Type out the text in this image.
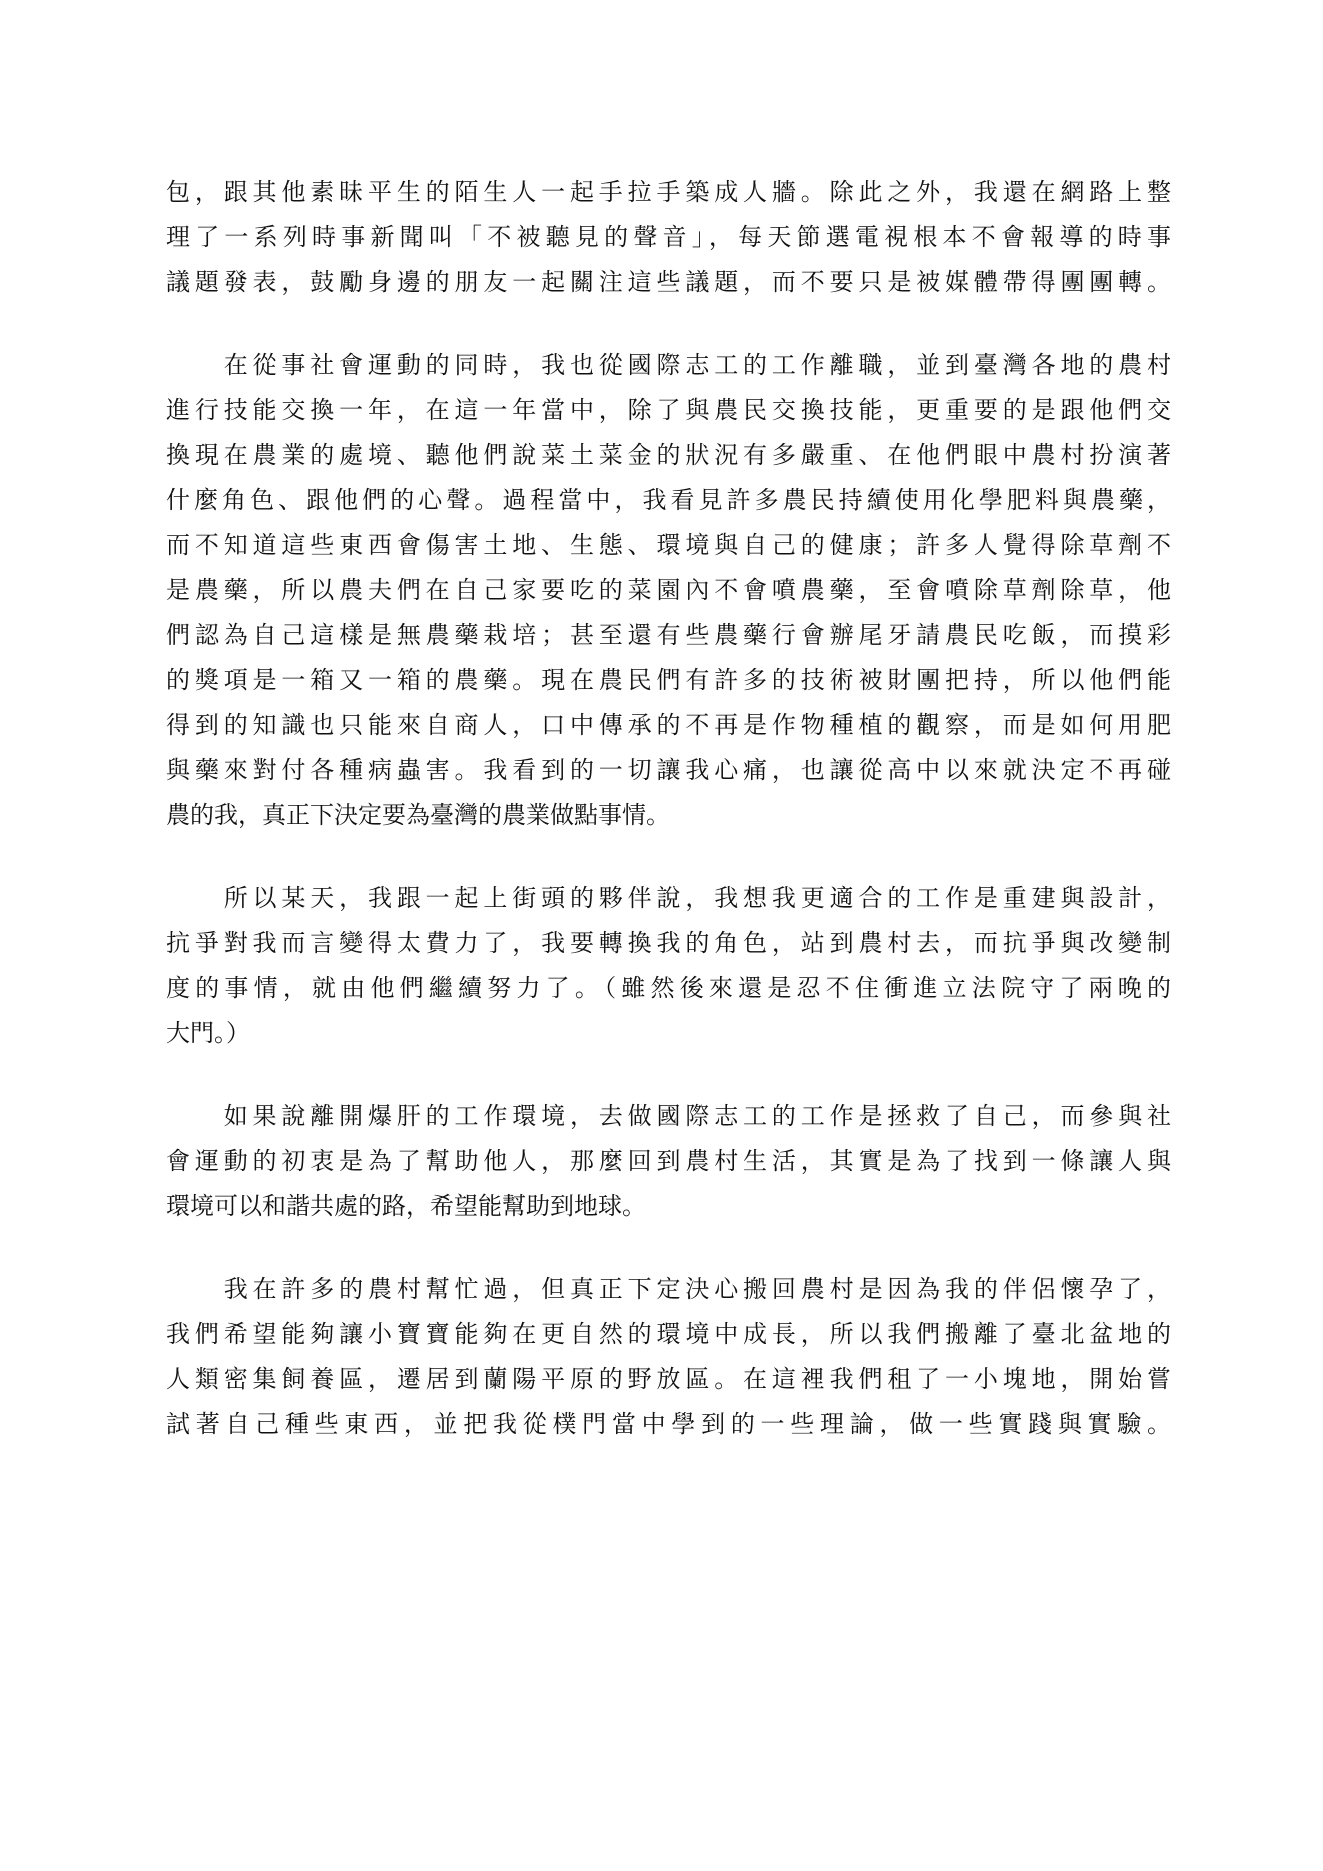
包，跟其他素昧平生的陌生人一起手拉手築成人牆。除此之外，我還在網路上整
理了一系列時事新聞叫「不被聽見的聲音」，每天節選電視根本不會報導的時事
議題發表，鼓勵身邊的朋友一起關注這些議題，而不要只是被媒體帶得團團轉。

　　在從事社會運動的同時，我也從國際志工的工作離職，並到臺灣各地的農村
進行技能交換一年，在這一年當中，除了與農民交換技能，更重要的是跟他們交
換現在農業的處境、聽他們說菜土菜金的狀況有多嚴重、在他們眼中農村扮演著
什麼角色、跟他們的心聲。過程當中，我看見許多農民持續使用化學肥料與農藥，
而不知道這些東西會傷害土地、生態、環境與自己的健康；許多人覺得除草劑不
是農藥，所以農夫們在自己家要吃的菜園內不會噴農藥，至會噴除草劑除草，他
們認為自己這樣是無農藥栽培；甚至還有些農藥行會辦尾牙請農民吃飯，而摸彩
的獎項是一箱又一箱的農藥。現在農民們有許多的技術被財團把持，所以他們能
得到的知識也只能來自商人，口中傳承的不再是作物種植的觀察，而是如何用肥
與藥來對付各種病蟲害。我看到的一切讓我心痛，也讓從高中以來就決定不再碰
農的我，真正下決定要為臺灣的農業做點事情。

　　所以某天，我跟一起上街頭的夥伴說，我想我更適合的工作是重建與設計，
抗爭對我而言變得太費力了，我要轉換我的角色，站到農村去，而抗爭與改變制
度的事情，就由他們繼續努力了。（雖然後來還是忍不住衝進立法院守了兩晚的
大門。）

　　如果說離開爆肝的工作環境，去做國際志工的工作是拯救了自己，而參與社
會運動的初衷是為了幫助他人，那麼回到農村生活，其實是為了找到一條讓人與
環境可以和諧共處的路，希望能幫助到地球。

　　我在許多的農村幫忙過，但真正下定決心搬回農村是因為我的伴侶懷孕了，
我們希望能夠讓小寶寶能夠在更自然的環境中成長，所以我們搬離了臺北盆地的
人類密集飼養區，遷居到蘭陽平原的野放區。在這裡我們租了一小塊地，開始嘗
試著自己種些東西，並把我從樸門當中學到的一些理論，做一些實踐與實驗。
